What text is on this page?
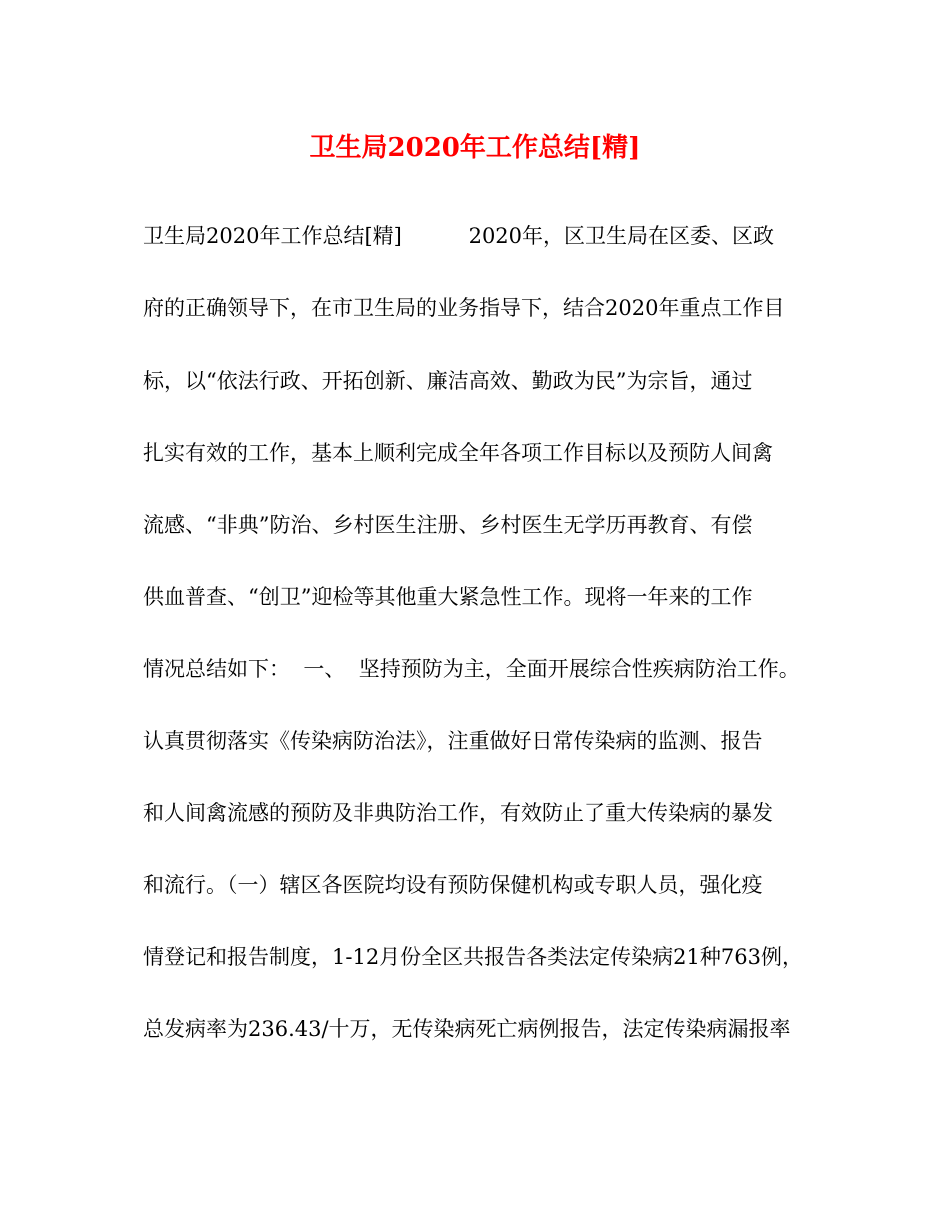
卫生局2020年工作总结[精]
卫生局2020年工作总结[精]          2020年，区卫生局在区委、区政
府的正确领导下，在市卫生局的业务指导下，结合2020年重点工作目
标，以“依法行政、开拓创新、廉洁高效、勤政为民”为宗旨，通过
扎实有效的工作，基本上顺利完成全年各项工作目标以及预防人间禽
流感、“非典”防治、乡村医生注册、乡村医生无学历再教育、有偿
供血普查、“创卫”迎检等其他重大紧急性工作。现将一年来的工作
情况总结如下：  一、  坚持预防为主，全面开展综合性疾病防治工作。
认真贯彻落实《传染病防治法》，注重做好日常传染病的监测、报告
和人间禽流感的预防及非典防治工作，有效防止了重大传染病的暴发
和流行。（一）辖区各医院均设有预防保健机构或专职人员，强化疫
情登记和报告制度，1-12月份全区共报告各类法定传染病21种763例，
总发病率为236.43/十万，无传染病死亡病例报告，法定传染病漏报率
